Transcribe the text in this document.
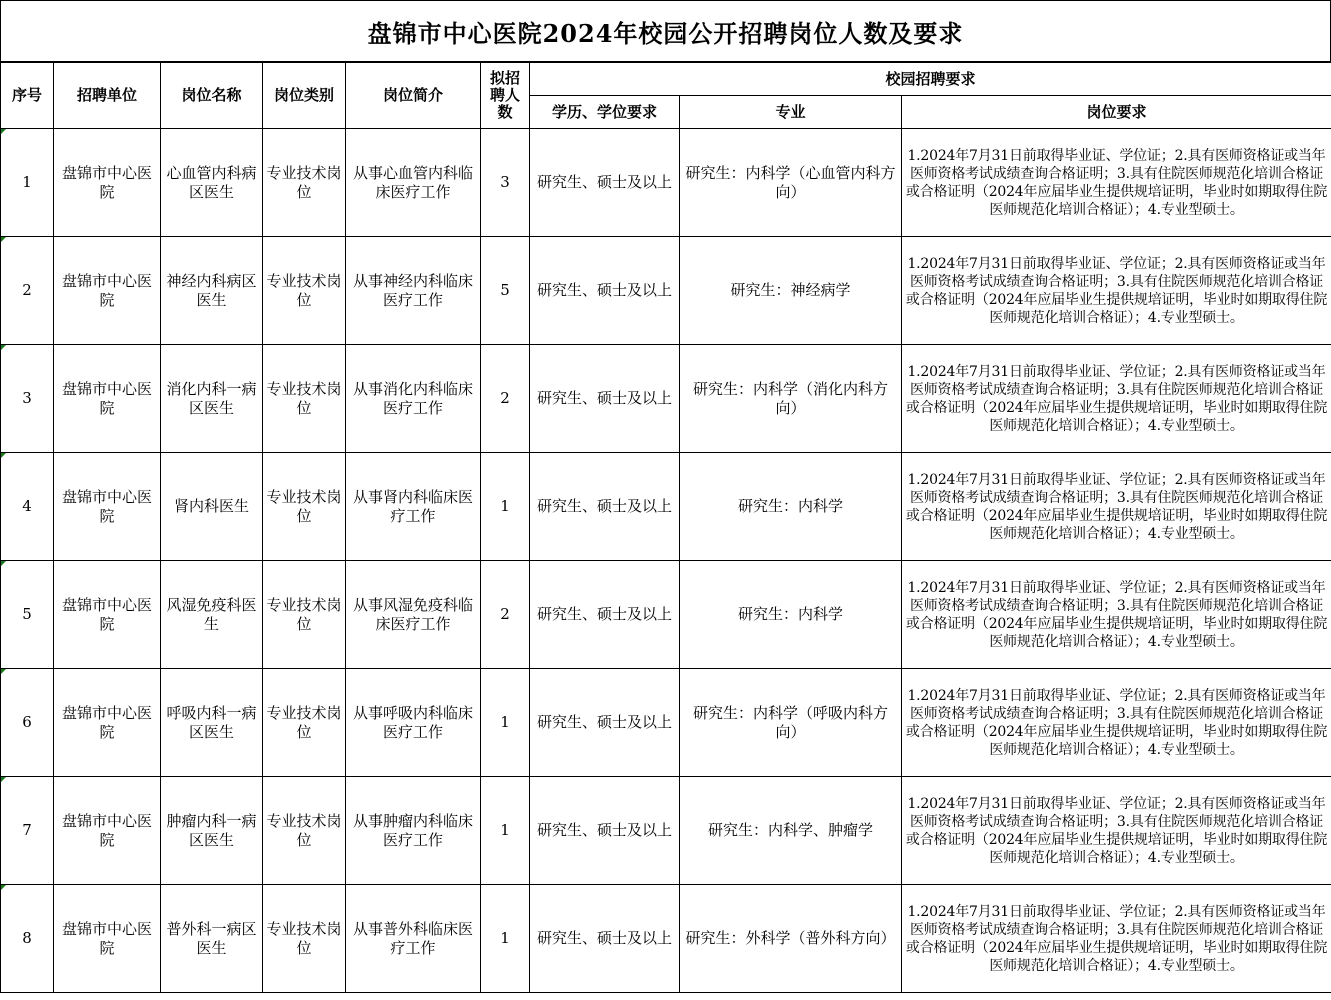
盘锦市中心医院2024年校园公开招聘岗位人数及要求
序号	招聘单位	岗位名称	岗位类别	岗位简介	拟招聘人数	校园招聘要求		
						学历、学位要求	专业	岗位要求

1	盘锦市中心医院	心血管内科病区医生	专业技术岗位	从事心血管内科临床医疗工作	3	研究生、硕士及以上	研究生：内科学（心血管内科方向）	1.2024年7月31日前取得毕业证、学位证；2.具有医师资格证或当年医师资格考试成绩查询合格证明；3.具有住院医师规范化培训合格证或合格证明（2024年应届毕业生提供规培证明，毕业时如期取得住院医师规范化培训合格证）；4.专业型硕士。

2	盘锦市中心医院	神经内科病区医生	专业技术岗位	从事神经内科临床医疗工作	5	研究生、硕士及以上	研究生：神经病学	1.2024年7月31日前取得毕业证、学位证；2.具有医师资格证或当年医师资格考试成绩查询合格证明；3.具有住院医师规范化培训合格证或合格证明（2024年应届毕业生提供规培证明，毕业时如期取得住院医师规范化培训合格证）；4.专业型硕士。

3	盘锦市中心医院	消化内科一病区医生	专业技术岗位	从事消化内科临床医疗工作	2	研究生、硕士及以上	研究生：内科学（消化内科方向）	1.2024年7月31日前取得毕业证、学位证；2.具有医师资格证或当年医师资格考试成绩查询合格证明；3.具有住院医师规范化培训合格证或合格证明（2024年应届毕业生提供规培证明，毕业时如期取得住院医师规范化培训合格证）；4.专业型硕士。

4	盘锦市中心医院	肾内科医生	专业技术岗位	从事肾内科临床医疗工作	1	研究生、硕士及以上	研究生：内科学	1.2024年7月31日前取得毕业证、学位证；2.具有医师资格证或当年医师资格考试成绩查询合格证明；3.具有住院医师规范化培训合格证或合格证明（2024年应届毕业生提供规培证明，毕业时如期取得住院医师规范化培训合格证）；4.专业型硕士。

5	盘锦市中心医院	风湿免疫科医生	专业技术岗位	从事风湿免疫科临床医疗工作	2	研究生、硕士及以上	研究生：内科学	1.2024年7月31日前取得毕业证、学位证；2.具有医师资格证或当年医师资格考试成绩查询合格证明；3.具有住院医师规范化培训合格证或合格证明（2024年应届毕业生提供规培证明，毕业时如期取得住院医师规范化培训合格证）；4.专业型硕士。

6	盘锦市中心医院	呼吸内科一病区医生	专业技术岗位	从事呼吸内科临床医疗工作	1	研究生、硕士及以上	研究生：内科学（呼吸内科方向）	1.2024年7月31日前取得毕业证、学位证；2.具有医师资格证或当年医师资格考试成绩查询合格证明；3.具有住院医师规范化培训合格证或合格证明（2024年应届毕业生提供规培证明，毕业时如期取得住院医师规范化培训合格证）；4.专业型硕士。

7	盘锦市中心医院	肿瘤内科一病区医生	专业技术岗位	从事肿瘤内科临床医疗工作	1	研究生、硕士及以上	研究生：内科学、肿瘤学	1.2024年7月31日前取得毕业证、学位证；2.具有医师资格证或当年医师资格考试成绩查询合格证明；3.具有住院医师规范化培训合格证或合格证明（2024年应届毕业生提供规培证明，毕业时如期取得住院医师规范化培训合格证）；4.专业型硕士。

8	盘锦市中心医院	普外科一病区医生	专业技术岗位	从事普外科临床医疗工作	1	研究生、硕士及以上	研究生：外科学（普外科方向）	1.2024年7月31日前取得毕业证、学位证；2.具有医师资格证或当年医师资格考试成绩查询合格证明；3.具有住院医师规范化培训合格证或合格证明（2024年应届毕业生提供规培证明，毕业时如期取得住院医师规范化培训合格证）；4.专业型硕士。
